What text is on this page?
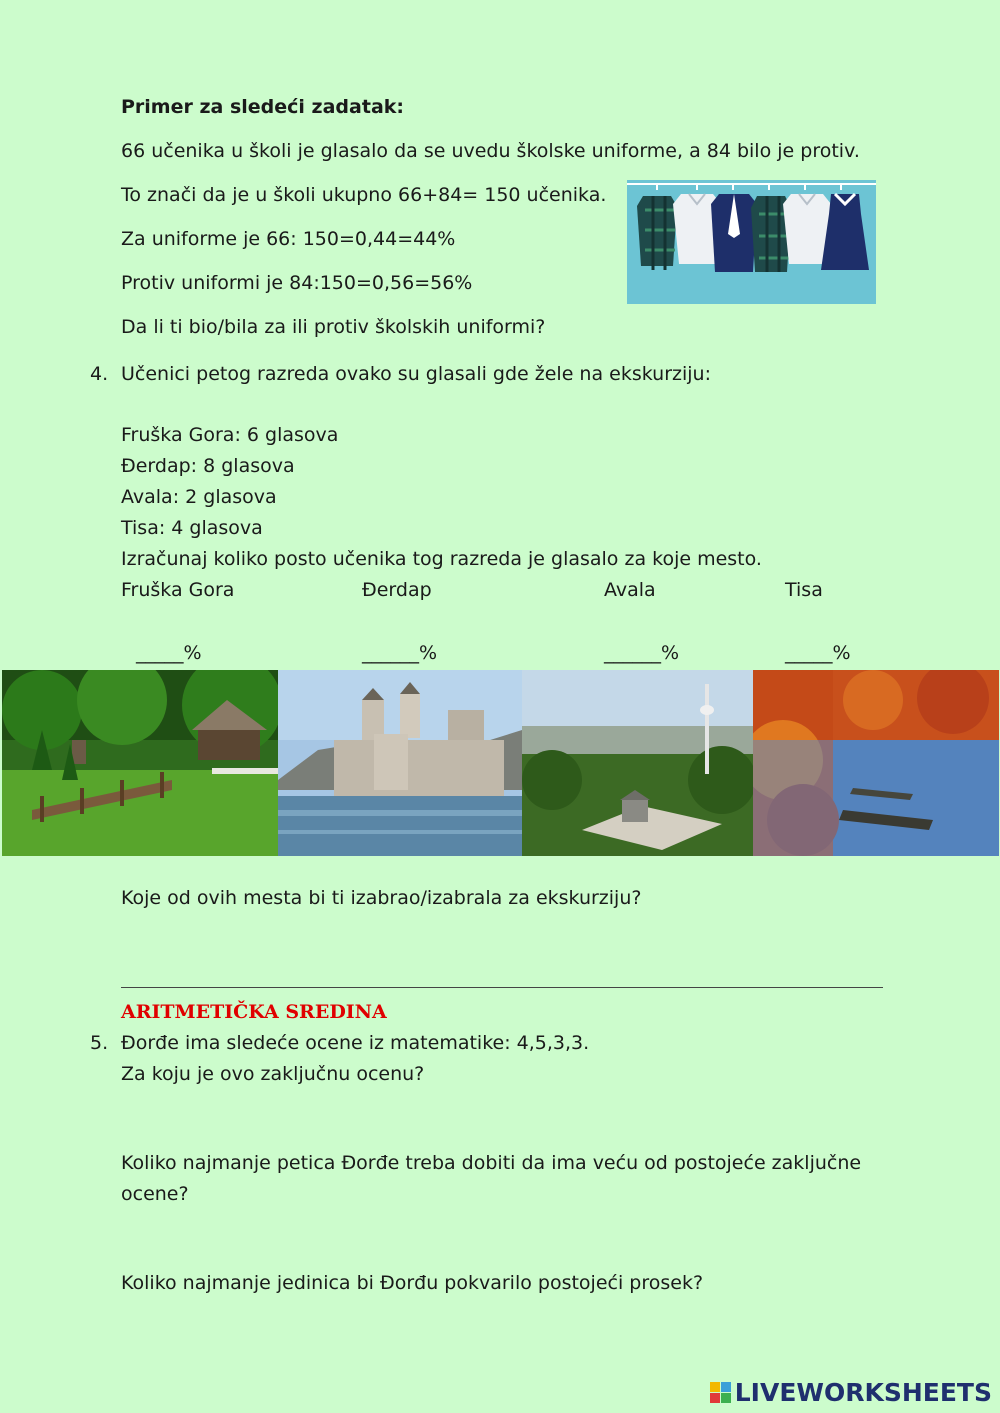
Primer za sledeći zadatak:
66 učenika u školi je glasalo da se uvedu školske uniforme, a 84 bilo je protiv.
To znači da je u školi ukupno 66+84= 150 učenika.
Za uniforme je 66: 150=0,44=44%
Protiv uniformi je 84:150=0,56=56%
Da li ti bio/bila za ili protiv školskih uniformi?
4. Učenici petog razreda ovako su glasali gde žele na ekskurziju:
Fruška Gora: 6 glasova
Đerdap: 8 glasova
Avala: 2 glasova
Tisa: 4 glasova
Izračunaj koliko posto učenika tog razreda je glasalo za koje mesto.
Fruška Gora	Đerdap	Avala	Tisa
_____%	______%	______%	_____%
Koje od ovih mesta bi ti izabrao/izabrala za ekskurziju?
ARITMETIČKA SREDINA
5. Đorđe ima sledeće ocene iz matematike: 4,5,3,3.
Za koju je ovo zaključnu ocenu?
Koliko najmanje petica Đorđe treba dobiti da ima veću od postojeće zaključne
ocene?
Koliko najmanje jedinica bi Đorđu pokvarilo postojeći prosek?
LIVEWORKSHEETS
